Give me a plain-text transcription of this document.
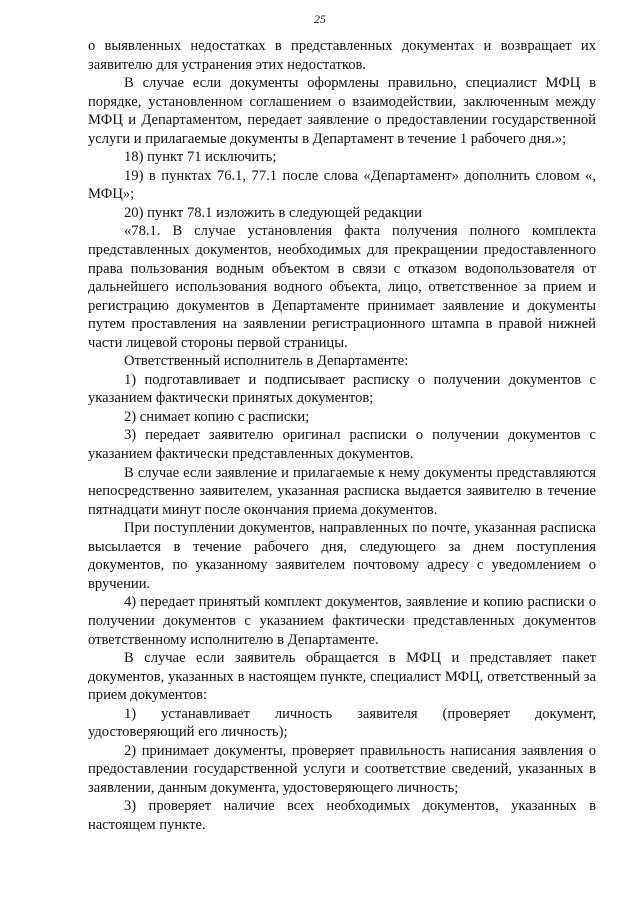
25

о выявленных недостатках в представленных документах и возвращает их заявителю для устранения этих недостатков.

В случае если документы оформлены правильно, специалист МФЦ в порядке, установленном соглашением о взаимодействии, заключенным между МФЦ и Департаментом, передает заявление о предоставлении государственной услуги и прилагаемые документы в Департамент в течение 1 рабочего дня.»;

18) пункт 71 исключить;

19) в пунктах 76.1, 77.1 после слова «Департамент» дополнить словом «, МФЦ»;

20) пункт 78.1 изложить в следующей редакции

«78.1. В случае установления факта получения полного комплекта представленных документов, необходимых для прекращении предоставленного права пользования водным объектом в связи с отказом водопользователя от дальнейшего использования водного объекта, лицо, ответственное за прием и регистрацию документов в Департаменте принимает заявление и документы путем проставления на заявлении регистрационного штампа в правой нижней части лицевой стороны первой страницы.

Ответственный исполнитель в Департаменте:

1) подготавливает и подписывает расписку о получении документов с указанием фактически принятых документов;

2) снимает копию с расписки;

3) передает заявителю оригинал расписки о получении документов с указанием фактически представленных документов.

В случае если заявление и прилагаемые к нему документы представляются непосредственно заявителем, указанная расписка выдается заявителю в течение пятнадцати минут после окончания приема документов.

При поступлении документов, направленных по почте, указанная расписка высылается в течение рабочего дня, следующего за днем поступления документов, по указанному заявителем почтовому адресу с уведомлением о вручении.

4) передает принятый комплект документов, заявление и копию расписки о получении документов с указанием фактически представленных документов ответственному исполнителю в Департаменте.

В случае если заявитель обращается в МФЦ и представляет пакет документов, указанных в настоящем пункте, специалист МФЦ, ответственный за прием документов:

1) устанавливает личность заявителя (проверяет документ, удостоверяющий его личность);

2) принимает документы, проверяет правильность написания заявления о предоставлении государственной услуги и соответствие сведений, указанных в заявлении, данным документа, удостоверяющего личность;

3) проверяет наличие всех необходимых документов, указанных в настоящем пункте.
